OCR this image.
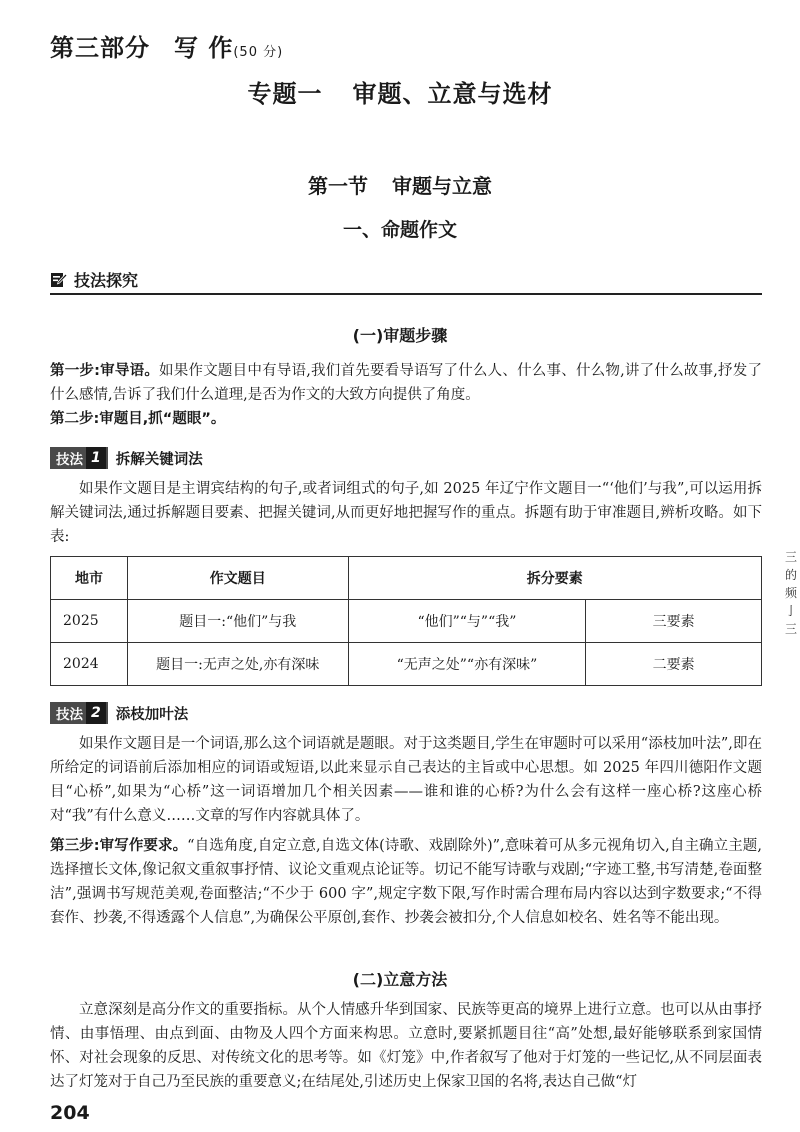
第三部分 写 作(50 分)
专题一 审题、立意与选材
第一节 审题与立意
一、命题作文
技法探究
(一)审题步骤

第一步:审导语。如果作文题目中有导语,我们首先要看导语写了什么人、什么事、什么物,讲了什么故事,抒发了什么感情,告诉了我们什么道理,是否为作文的大致方向提供了角度。

第二步:审题目,抓“题眼”。

技法 1	拆解关键词法

如果作文题目是主谓宾结构的句子,或者词组式的句子,如 2025 年辽宁作文题目一“‘他们’与我”,可以运用拆解关键词法,通过拆解题目要素、把握关键词,从而更好地把握写作的重点。拆题有助于审准题目,辨析攻略。如下表:

地市	作文题目	拆分要素	
2025	题目一:“他们”与我	“他们”“与”“我”	三要素
2024	题目一:无声之处,亦有深味	“无声之处”“亦有深味”	二要素
技法 2	添枝加叶法

如果作文题目是一个词语,那么这个词语就是题眼。对于这类题目,学生在审题时可以采用“添枝加叶法”,即在所给定的词语前后添加相应的词语或短语,以此来显示自己表达的主旨或中心思想。如 2025 年四川德阳作文题目“心桥”,如果为“心桥”这一词语增加几个相关因素——谁和谁的心桥?为什么会有这样一座心桥?这座心桥对“我”有什么意义……文章的写作内容就具体了。

第三步:审写作要求。“自选角度,自定立意,自选文体(诗歌、戏剧除外)”,意味着可从多元视角切入,自主确立主题,选择擅长文体,像记叙文重叙事抒情、议论文重观点论证等。切记不能写诗歌与戏剧;“字迹工整,书写清楚,卷面整洁”,强调书写规范美观,卷面整洁;“不少于 600 字”,规定字数下限,写作时需合理布局内容以达到字数要求;“不得套作、抄袭,不得透露个人信息”,为确保公平原创,套作、抄袭会被扣分,个人信息如校名、姓名等不能出现。

(二)立意方法

立意深刻是高分作文的重要指标。从个人情感升华到国家、民族等更高的境界上进行立意。也可以从由事抒情、由事悟理、由点到面、由物及人四个方面来构思。立意时,要紧抓题目往“高”处想,最好能够联系到家国情怀、对社会现象的反思、对传统文化的思考等。如《灯笼》中,作者叙写了他对于灯笼的一些记忆,从不同层面表达了灯笼对于自己乃至民族的重要意义;在结尾处,引述历史上保家卫国的名将,表达自己做“灯

204
三 的 频 亅 三
